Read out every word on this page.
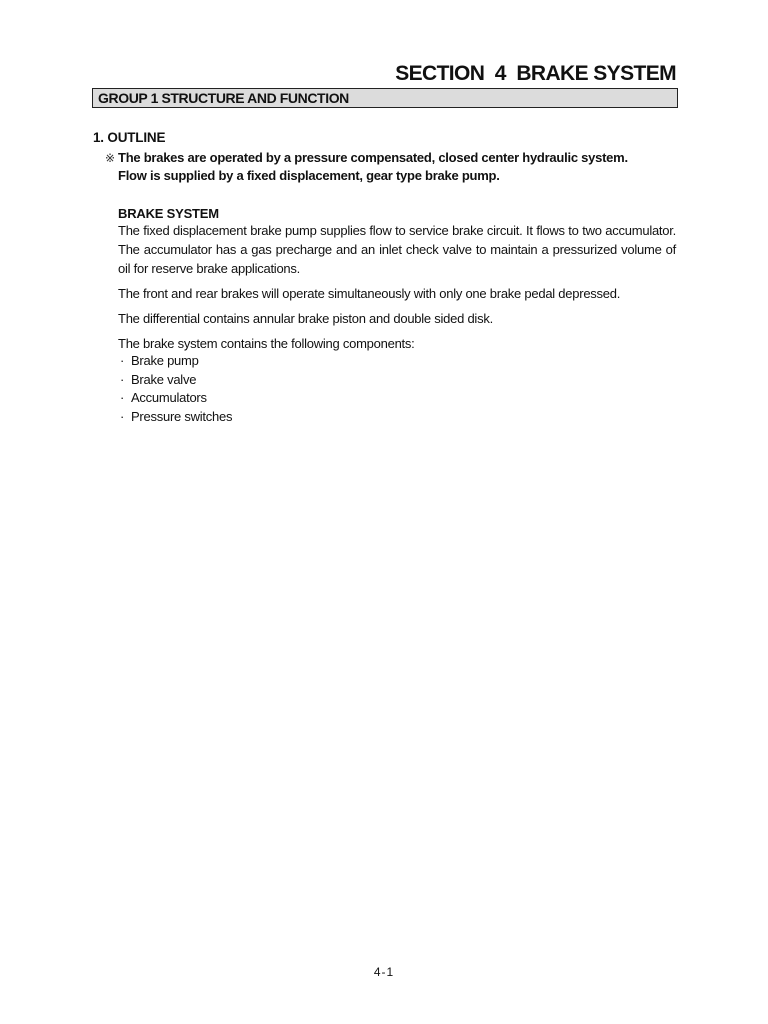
SECTION  4  BRAKE SYSTEM
GROUP 1 STRUCTURE AND FUNCTION
1. OUTLINE
※ The brakes are operated by a pressure compensated, closed center hydraulic system.
Flow is supplied by a fixed displacement, gear type brake pump.
BRAKE SYSTEM
The fixed displacement brake pump supplies flow to service brake circuit. It flows to two accumulator. The accumulator has a gas precharge and an inlet check valve to maintain a pressurized volume of oil for reserve brake applications.
The front and rear brakes will operate simultaneously with only one brake pedal depressed.
The differential contains annular brake piston and double sided disk.
The brake system contains the following components:
· Brake pump
· Brake valve
· Accumulators
· Pressure switches
4-1
